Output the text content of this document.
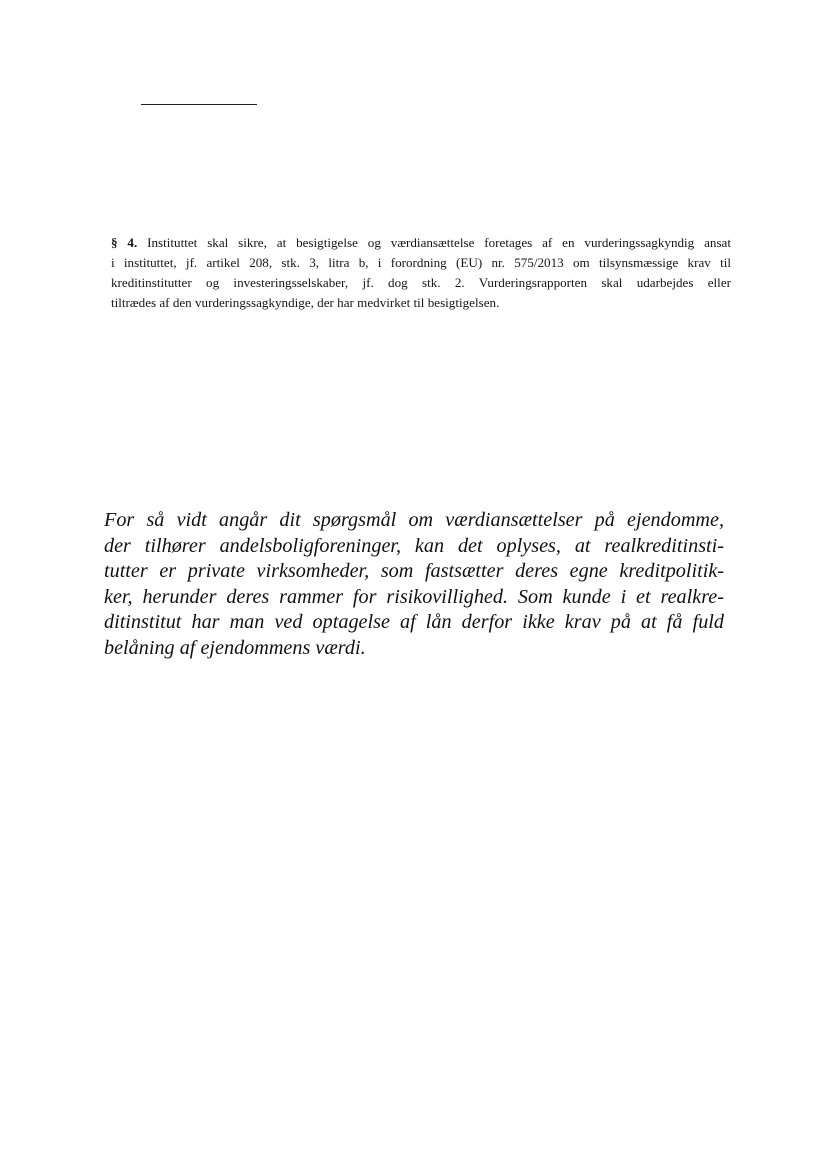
§ 4. Instituttet skal sikre, at besigtigelse og værdiansættelse foretages af en vurderingssagkyndig ansat
i instituttet, jf. artikel 208, stk. 3, litra b, i forordning (EU) nr. 575/2013 om tilsynsmæssige krav til
kreditinstitutter og investeringsselskaber, jf. dog stk. 2. Vurderingsrapporten skal udarbejdes eller
tiltrædes af den vurderingssagkyndige, der har medvirket til besigtigelsen.
For så vidt angår dit spørgsmål om værdiansættelser på ejendomme,
der tilhører andelsboligforeninger, kan det oplyses, at realkreditinsti-
tutter er private virksomheder, som fastsætter deres egne kreditpolitik-
ker, herunder deres rammer for risikovillighed. Som kunde i et realkre-
ditinstitut har man ved optagelse af lån derfor ikke krav på at få fuld
belåning af ejendommens værdi.
